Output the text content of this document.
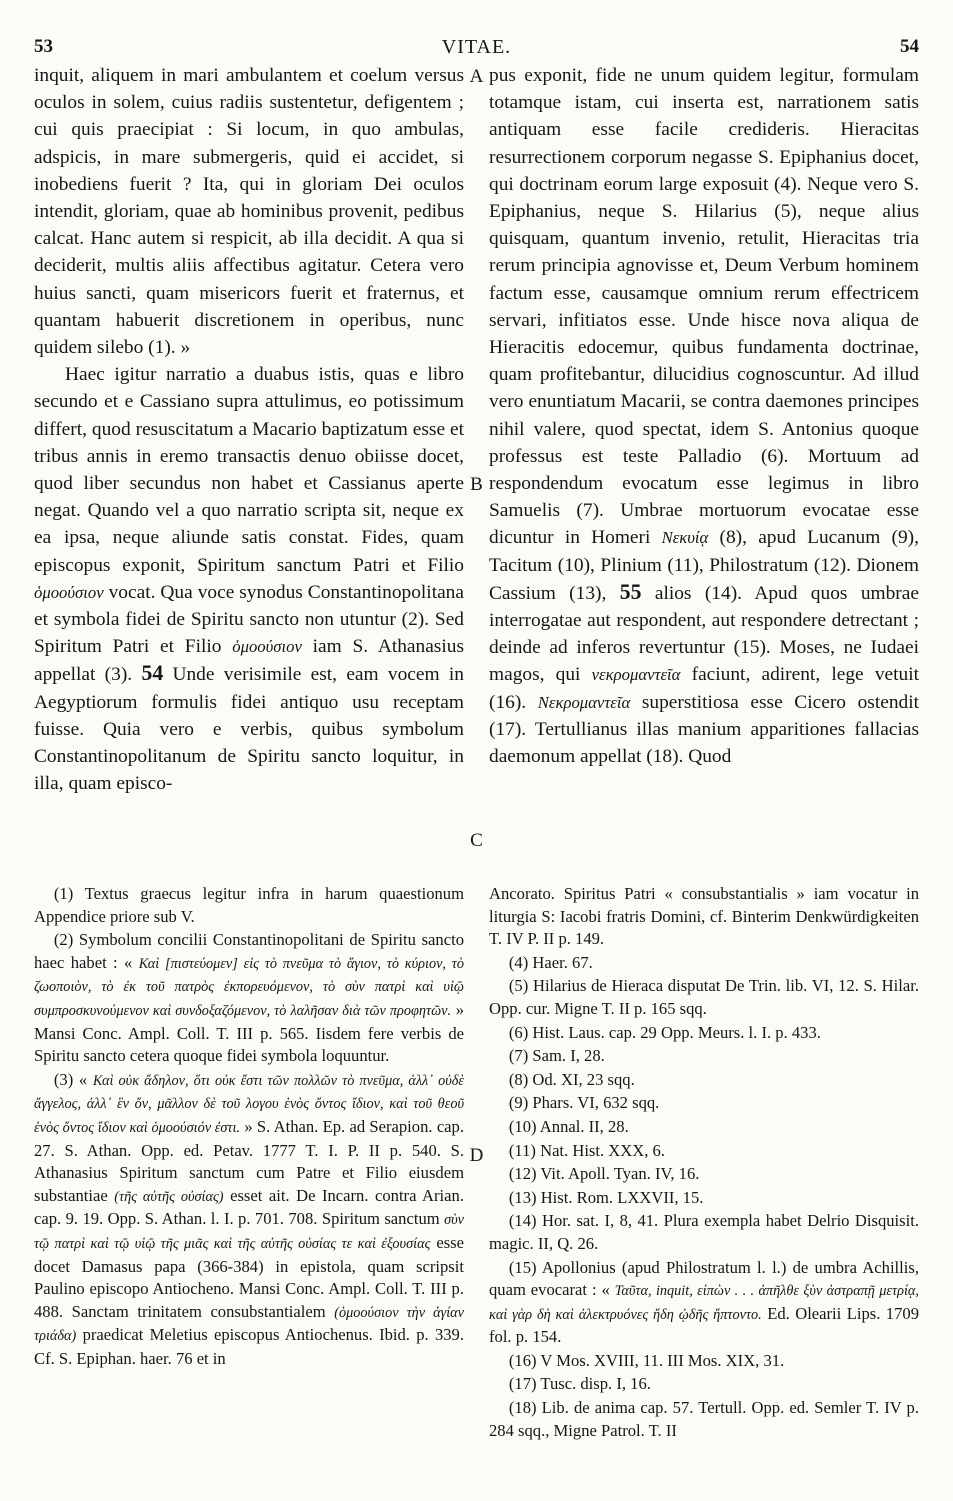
53	VITAE.	54
A
B
C

inquit, aliquem in mari ambulantem et coelum versus oculos in solem, cuius radiis sustentetur, defigentem ; cui quis praecipiat : Si locum, in quo ambulas, adspicis, in mare submergeris, quid ei accidet, si inobediens fuerit ? Ita, qui in gloriam Dei oculos intendit, gloriam, quae ab hominibus provenit, pedibus calcat. Hanc autem si respicit, ab illa decidit. A qua si deciderit, multis aliis affectibus agitatur. Cetera vero huius sancti, quam misericors fuerit et fraternus, et quantam habuerit discretionem in operibus, nunc quidem silebo (1). »

Haec igitur narratio a duabus istis, quas e libro secundo et e Cassiano supra attulimus, eo potissimum differt, quod resuscitatum a Macario baptizatum esse et tribus annis in eremo transactis denuo obiisse docet, quod liber secundus non habet et Cassianus aperte negat. Quando vel a quo narratio scripta sit, neque ex ea ipsa, neque aliunde satis constat. Fides, quam episcopus exponit, Spiritum sanctum Patri et Filio ὁμοούσιον vocat. Qua voce synodus Constantinopolitana et symbola fidei de Spiritu sancto non utuntur (2). Sed Spiritum Patri et Filio ὁμοούσιον iam S. Athanasius appellat (3). 54 Unde verisimile est, eam vocem in Aegyptiorum formulis fidei antiquo usu receptam fuisse. Quia vero e verbis, quibus symbolum Constantinopolitanum de Spiritu sancto loquitur, in illa, quam episco-

pus exponit, fide ne unum quidem legitur, formulam totamque istam, cui inserta est, narrationem satis antiquam esse facile credideris. Hieracitas resurrectionem corporum negasse S. Epiphanius docet, qui doctrinam eorum large exposuit (4). Neque vero S. Epiphanius, neque S. Hilarius (5), neque alius quisquam, quantum invenio, retulit, Hieracitas tria rerum principia agnovisse et, Deum Verbum hominem factum esse, causamque omnium rerum effectricem servari, infitiatos esse. Unde hisce nova aliqua de Hieracitis edocemur, quibus fundamenta doctrinae, quam profitebantur, dilucidius cognoscuntur. Ad illud vero enuntiatum Macarii, se contra daemones principes nihil valere, quod spectat, idem S. Antonius quoque professus est teste Palladio (6). Mortuum ad respondendum evocatum esse legimus in libro Samuelis (7). Umbrae mortuorum evocatae esse dicuntur in Homeri Νεκυίᾳ (8), apud Lucanum (9), Tacitum (10), Plinium (11), Philostratum (12). Dionem Cassium (13), 55 alios (14). Apud quos umbrae interrogatae aut respondent, aut respondere detrectant ; deinde ad inferos revertuntur (15). Moses, ne Iudaei magos, qui νεκρομαντεῖα faciunt, adirent, lege vetuit (16). Νεκρομαντεῖα superstitiosa esse Cicero ostendit (17). Tertullianus illas manium apparitiones fallacias daemonum appellat (18). Quod

D

(1) Textus graecus legitur infra in harum quaestionum Appendice priore sub V.

(2) Symbolum concilii Constantinopolitani de Spiritu sancto haec habet : « Καὶ [πιστεύομεν] εἰς τὸ πνεῦμα τὸ ἅγιον, τὸ κύριον, τὸ ζωοποιὸν, τὸ ἐκ τοῦ πατρὸς ἐκπορευόμενον, τὸ σὺν πατρὶ καὶ υἱῷ συμπροσκυνούμενον καὶ συνδοξαζόμενον, τὸ λαλῆσαν διὰ τῶν προφητῶν. » Mansi Conc. Ampl. Coll. T. III p. 565. Iisdem fere verbis de Spiritu sancto cetera quoque fidei symbola loquuntur.

(3) « Καὶ οὐκ ἄδηλον, ὅτι οὐκ ἔστι τῶν πολλῶν τὸ πνεῦμα, ἀλλ᾽ οὐδὲ ἄγγελος, ἀλλ᾽ ἓν ὄν, μᾶλλον δὲ τοῦ λογου ἑνὸς ὄντος ἴδιον, καὶ τοῦ θεοῦ ἑνὸς ὄντος ἴδιον καὶ ὁμοούσιόν ἐστι. » S. Athan. Ep. ad Serapion. cap. 27. S. Athan. Opp. ed. Petav. 1777 T. I. P. II p. 540. S. Athanasius Spiritum sanctum cum Patre et Filio eiusdem substantiae (τῆς αὐτῆς οὐσίας) esset ait. De Incarn. contra Arian. cap. 9. 19. Opp. S. Athan. l. I. p. 701. 708. Spiritum sanctum σὺν τῷ πατρὶ καὶ τῷ υἱῷ τῆς μιᾶς καὶ τῆς αὐτῆς οὐσίας τε καὶ ἐξουσίας esse docet Damasus papa (366-384) in epistola, quam scripsit Paulino episcopo Antiocheno. Mansi Conc. Ampl. Coll. T. III p. 488. Sanctam trinitatem consubstantialem (ὁμοούσιον τὴν ἁγίαν τριάδα) praedicat Meletius episcopus Antiochenus. Ibid. p. 339. Cf. S. Epiphan. haer. 76 et in

Ancorato. Spiritus Patri « consubstantialis » iam vocatur in liturgia S: Iacobi fratris Domini, cf. Binterim Denkwürdigkeiten T. IV P. II p. 149.

(4) Haer. 67.

(5) Hilarius de Hieraca disputat De Trin. lib. VI, 12. S. Hilar. Opp. cur. Migne T. II p. 165 sqq.

(6) Hist. Laus. cap. 29 Opp. Meurs. l. I. p. 433.

(7) Sam. I, 28.

(8) Od. XI, 23 sqq.

(9) Phars. VI, 632 sqq.

(10) Annal. II, 28.

(11) Nat. Hist. XXX, 6.

(12) Vit. Apoll. Tyan. IV, 16.

(13) Hist. Rom. LXXVII, 15.

(14) Hor. sat. I, 8, 41. Plura exempla habet Delrio Disquisit. magic. II, Q. 26.

(15) Apollonius (apud Philostratum l. l.) de umbra Achillis, quam evocarat : « Ταῦτα, inquit, εἰπὼν . . . ἀπῆλθε ξὺν ἀστραπῇ μετρίᾳ, καὶ γὰρ δὴ καὶ ἀλεκτρυόνες ἤδη ᾠδῆς ἥπτοντο. Ed. Olearii Lips. 1709 fol. p. 154.

(16) V Mos. XVIII, 11. III Mos. XIX, 31.

(17) Tusc. disp. I, 16.

(18) Lib. de anima cap. 57. Tertull. Opp. ed. Semler T. IV p. 284 sqq., Migne Patrol. T. II
